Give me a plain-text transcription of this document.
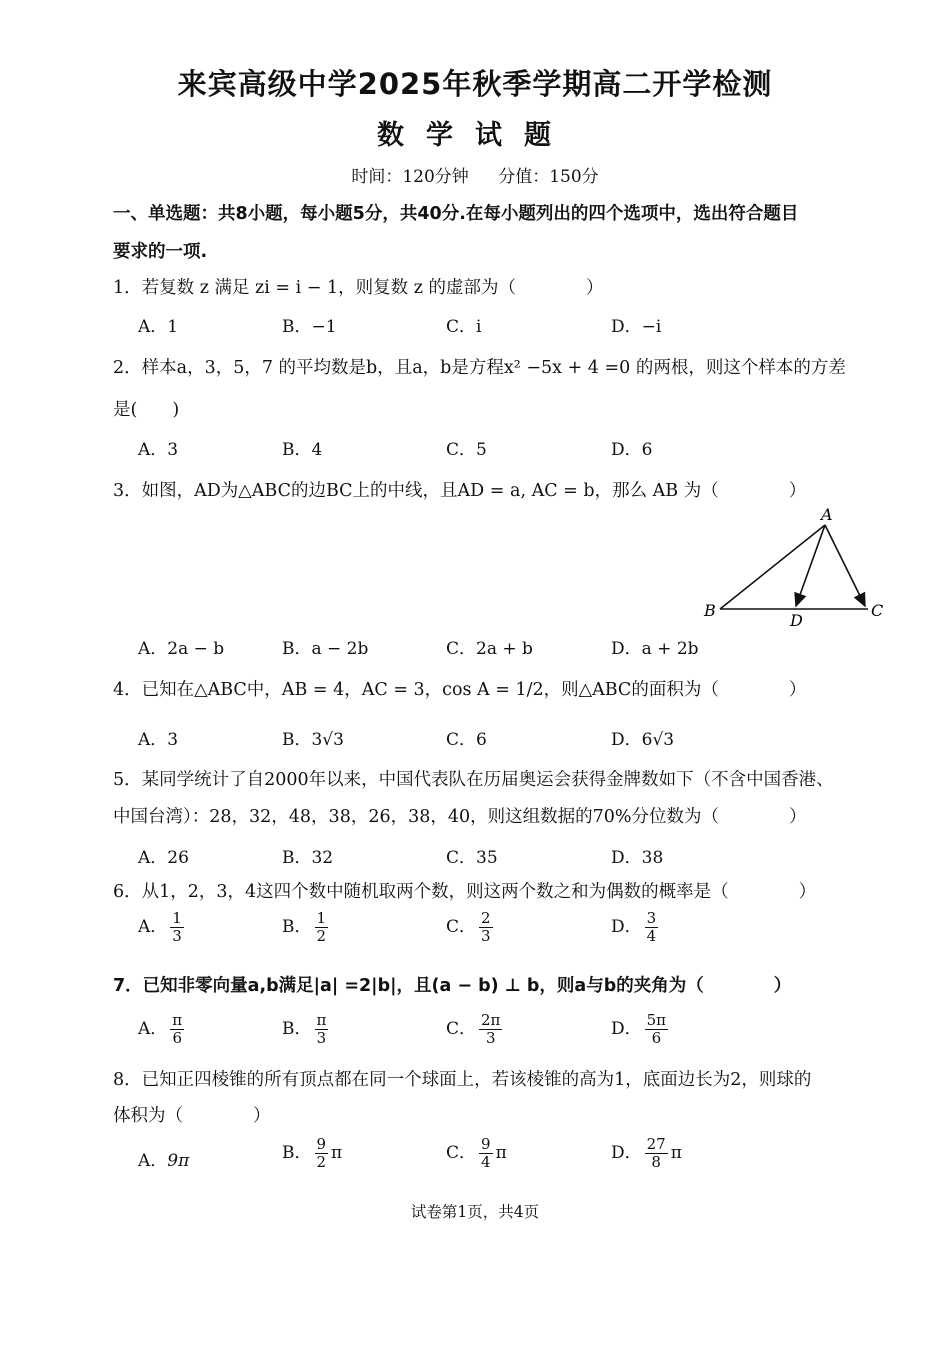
来宾高级中学2025年秋季学期高二开学检测
数学试题
时间：120分钟 分值：150分
一、单选题：共8小题，每小题5分，共40分.在每小题列出的四个选项中，选出符合题目
要求的一项.
1．若复数 z 满足 zi = i − 1，则复数 z 的虚部为（　　　　）
A．1	B．−1	C．i	D．−i
2．样本a，3，5，7 的平均数是b，且a，b是方程x² −5x + 4 =0 的两根，则这个样本的方差
是(　　)
A．3	B．4	C．5	D．6
3．如图，AD为△ABC的边BC上的中线，且AD = a, AC = b，那么 AB 为（　　　　）
A
B	C
D
A．2a − b	B．a − 2b	C．2a + b	D．a + 2b
4．已知在△ABC中，AB = 4，AC = 3，cos A = 1/2，则△ABC的面积为（　　　　）
A．3	B．3√3	C．6	D．6√3
5．某同学统计了自2000年以来，中国代表队在历届奥运会获得金牌数如下（不含中国香港、
中国台湾）：28，32，48，38，26，38，40，则这组数据的70%分位数为（　　　　）
A．26	B．32	C．35	D．38
6．从1，2，3，4这四个数中随机取两个数，则这两个数之和为偶数的概率是（　　　　）
A． $\frac{1}{3}$	B． $\frac{1}{2}$	C． $\frac{2}{3}$	D． $\frac{3}{4}$
7．已知非零向量a,b满足|a| =2|b|，且(a − b) ⊥ b，则a与b的夹角为（　　　　）
A． $\frac{\pi}{6}$	B． $\frac{\pi}{3}$	C． $\frac{2\pi}{3}$	D． $\frac{5\pi}{6}$
8．已知正四棱锥的所有顶点都在同一个球面上，若该棱锥的高为1，底面边长为2，则球的
体积为（　　　　）
A．9π	B． $\frac{9}{2}$ π	C． $\frac{9}{4}$ π	D． $\frac{27}{8}$ π
试卷第1页，共4页
